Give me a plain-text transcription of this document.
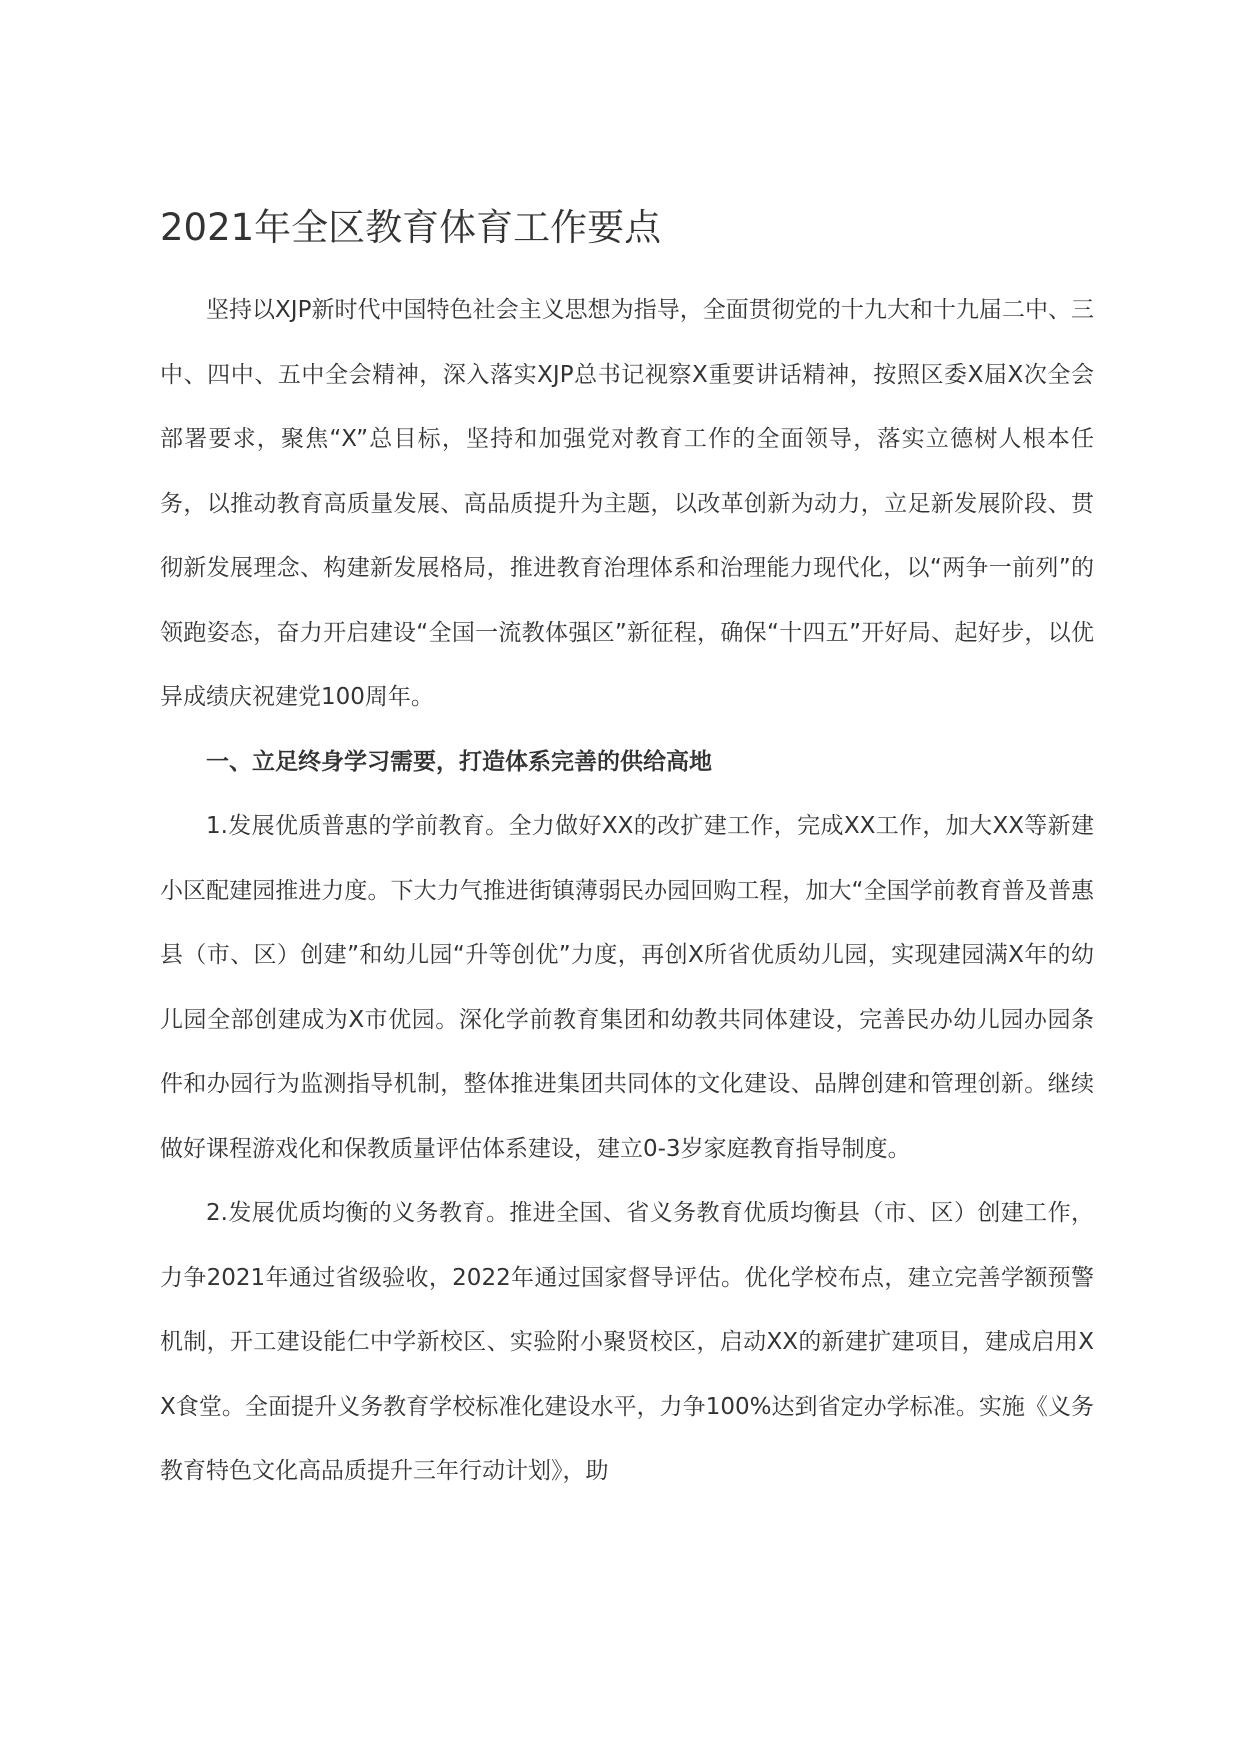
2021年全区教育体育工作要点

坚持以XJP新时代中国特色社会主义思想为指导，全面贯彻党的十九大和十九届二中、三中、四中、五中全会精神，深入落实XJP总书记视察X重要讲话精神，按照区委X届X次全会部署要求，聚焦“X”总目标，坚持和加强党对教育工作的全面领导，落实立德树人根本任务，以推动教育高质量发展、高品质提升为主题，以改革创新为动力，立足新发展阶段、贯彻新发展理念、构建新发展格局，推进教育治理体系和治理能力现代化，以“两争一前列”的领跑姿态，奋力开启建设“全国一流教体强区”新征程，确保“十四五”开好局、起好步，以优异成绩庆祝建党100周年。

一、立足终身学习需要，打造体系完善的供给高地

1.发展优质普惠的学前教育。全力做好XX的改扩建工作，完成XX工作，加大XX等新建小区配建园推进力度。下大力气推进街镇薄弱民办园回购工程，加大“全国学前教育普及普惠县（市、区）创建”和幼儿园“升等创优”力度，再创X所省优质幼儿园，实现建园满X年的幼儿园全部创建成为X市优园。深化学前教育集团和幼教共同体建设，完善民办幼儿园办园条件和办园行为监测指导机制，整体推进集团共同体的文化建设、品牌创建和管理创新。继续做好课程游戏化和保教质量评估体系建设，建立0-3岁家庭教育指导制度。

2.发展优质均衡的义务教育。推进全国、省义务教育优质均衡县（市、区）创建工作，力争2021年通过省级验收，2022年通过国家督导评估。优化学校布点，建立完善学额预警机制，开工建设能仁中学新校区、实验附小聚贤校区，启动XX的新建扩建项目，建成启用XX食堂。全面提升义务教育学校标准化建设水平，力争100%达到省定办学标准。实施《义务教育特色文化高品质提升三年行动计划》，助
